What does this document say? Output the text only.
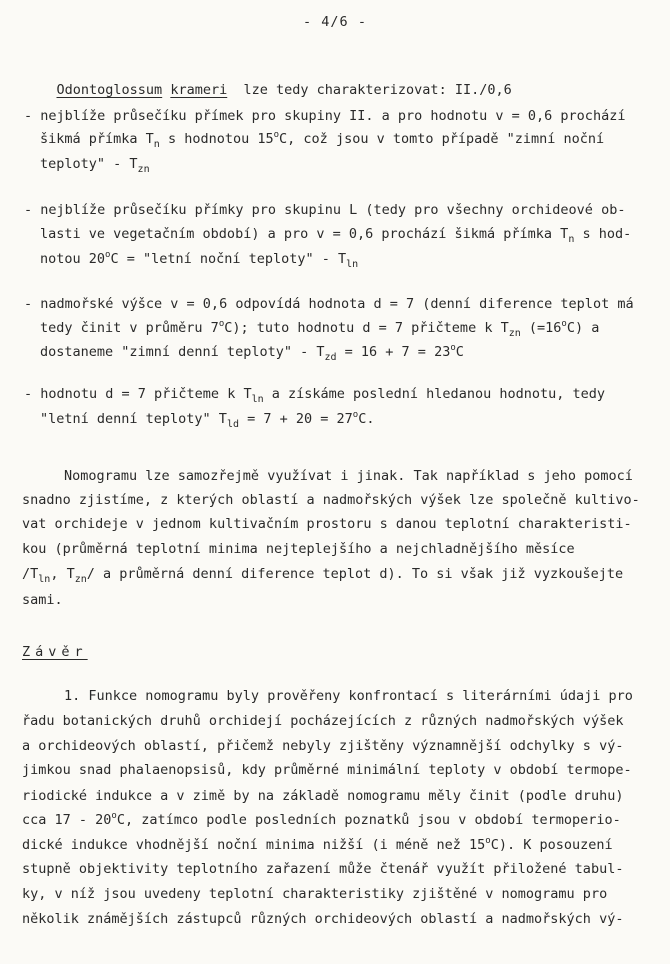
- 4/6 -

Odontoglossum krameri lze tedy charakterizovat: II./0,6

- nejblíže průsečíku přímek pro skupiny II. a pro hodnotu v = 0,6 prochází
šikmá přímka $T_n$ s hodnotou 15$^o$C, což jsou v tomto případě "zimní noční
teploty" - $T_{zn}$
- nejblíže průsečíku přímky pro skupinu L (tedy pro všechny orchideové ob-
lasti ve vegetačním období) a pro v = 0,6 prochází šikmá přímka $T_n$ s hod-
notou $20^oC$ = "letní noční teploty" - $T_{ln}$
- nadmořské výšce v = 0,6 odpovídá hodnota d = 7 (denní diference teplot má
tedy činit v průměru 7$^o$C); tuto hodnotu d = 7 přičteme k $T_{zn}$ $(=16^oC)$ a
dostaneme "zimní denní teploty" - $T_{zd} = 16 + 7 = 23^oC$
- hodnotu d = 7 přičteme k $T_{ln}$ a získáme poslední hledanou hodnotu, tedy
"letní denní teploty" $T_{ld} = 7 + 20 = 27^oC$.
Nomogramu lze samozřejmě využívat i jinak. Tak například s jeho pomocí
snadno zjistíme, z kterých oblastí a nadmořských výšek lze společně kultivo-
vat orchideje v jednom kultivačním prostoru s danou teplotní charakteristi-
kou (průměrná teplotní minima nejteplejšího a nejchladnějšího měsíce
$/T_{ln}$, $T_{zn}/$ a průměrná denní diference teplot d). To si však již vyzkoušejte
sami.
Závěr
1. Funkce nomogramu byly prověřeny konfrontací s literárními údaji pro
řadu botanických druhů orchidejí pocházejících z různých nadmořských výšek
a orchideových oblastí, přičemž nebyly zjištěny významnější odchylky s vý-
jimkou snad phalaenopsisů, kdy průměrné minimální teploty v období termope-
riodické indukce a v zimě by na základě nomogramu měly činit (podle druhu)
cca 17 - 20$^o$C, zatímco podle posledních poznatků jsou v období termoperio-
dické indukce vhodnější noční minima nižší (i méně než 15$^o$C). K posouzení
stupně objektivity teplotního zařazení může čtenář využít přiložené tabul-
ky, v níž jsou uvedeny teplotní charakteristiky zjištěné v nomogramu pro
několik známějších zástupců různých orchideových oblastí a nadmořských vý-
